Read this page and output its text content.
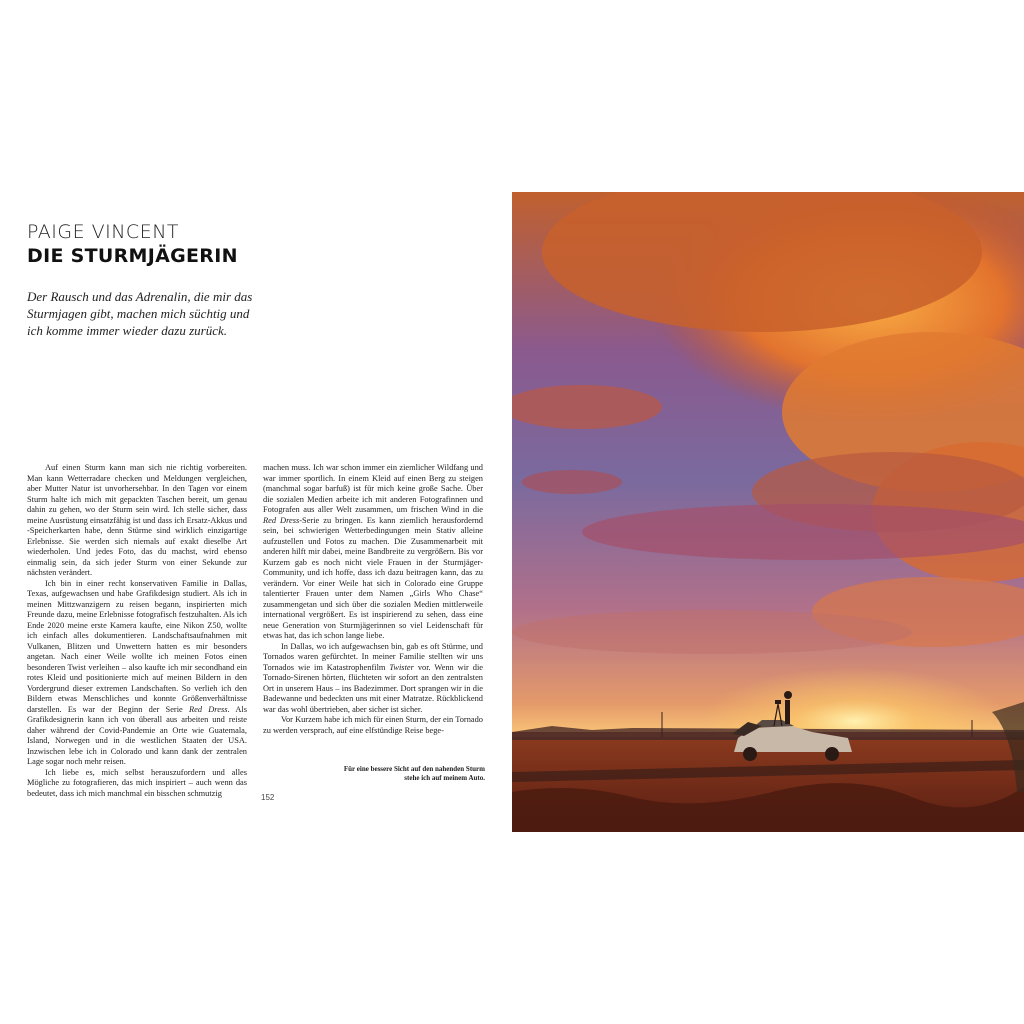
PAIGE VINCENT
DIE STURMJÄGERIN
Der Rausch und das Adrenalin, die mir das Sturmjagen gibt, machen mich süchtig und ich komme immer wieder dazu zurück.

Auf einen Sturm kann man sich nie richtig vorbereiten. Man kann Wetterradare checken und Meldungen vergleichen, aber Mutter Natur ist unvorhersehbar. In den Tagen vor einem Sturm halte ich mich mit gepackten Taschen bereit, um genau dahin zu gehen, wo der Sturm sein wird. Ich stelle sicher, dass meine Ausrüstung einsatzfähig ist und dass ich Ersatz-Akkus und -Speicherkarten habe, denn Stürme sind wirklich einzigartige Erlebnisse. Sie werden sich niemals auf exakt dieselbe Art wiederholen. Und jedes Foto, das du machst, wird ebenso einmalig sein, da sich jeder Sturm von einer Sekunde zur nächsten verändert.

Ich bin in einer recht konservativen Familie in Dallas, Texas, aufgewachsen und habe Grafikdesign studiert. Als ich in meinen Mittzwanzigern zu reisen begann, inspirierten mich Freunde dazu, meine Erlebnisse fotografisch festzuhalten. Als ich Ende 2020 meine erste Kamera kaufte, eine Nikon Z50, wollte ich einfach alles dokumentieren. Landschaftsaufnahmen mit Vulkanen, Blitzen und Unwettern hatten es mir besonders angetan. Nach einer Weile wollte ich meinen Fotos einen besonderen Twist verleihen – also kaufte ich mir secondhand ein rotes Kleid und positionierte mich auf meinen Bildern in den Vordergrund dieser extremen Landschaften. So verlieh ich den Bildern etwas Menschliches und konnte Größenverhältnisse darstellen. Es war der Beginn der Serie Red Dress. Als Grafikdesignerin kann ich von überall aus arbeiten und reiste daher während der Covid-Pandemie an Orte wie Guatemala, Island, Norwegen und in die westlichen Staaten der USA. Inzwischen lebe ich in Colorado und kann dank der zentralen Lage sogar noch mehr reisen.

Ich liebe es, mich selbst herauszufordern und alles Mögliche zu fotografieren, das mich inspiriert – auch wenn das bedeutet, dass ich mich manchmal ein bisschen schmutzig

machen muss. Ich war schon immer ein ziemlicher Wildfang und war immer sportlich. In einem Kleid auf einen Berg zu steigen (manchmal sogar barfuß) ist für mich keine große Sache. Über die sozialen Medien arbeite ich mit anderen Fotografinnen und Fotografen aus aller Welt zusammen, um frischen Wind in die Red Dress-Serie zu bringen. Es kann ziemlich herausfordernd sein, bei schwierigen Wetterbedingungen mein Stativ alleine aufzustellen und Fotos zu machen. Die Zusammenarbeit mit anderen hilft mir dabei, meine Bandbreite zu vergrößern. Bis vor Kurzem gab es noch nicht viele Frauen in der Sturmjäger-Community, und ich hoffe, dass ich dazu beitragen kann, das zu verändern. Vor einer Weile hat sich in Colorado eine Gruppe talentierter Frauen unter dem Namen „Girls Who Chase“ zusammengetan und sich über die sozialen Medien mittlerweile international vergrößert. Es ist inspirierend zu sehen, dass eine neue Generation von Sturmjägerinnen so viel Leidenschaft für etwas hat, das ich schon lange liebe.

In Dallas, wo ich aufgewachsen bin, gab es oft Stürme, und Tornados waren gefürchtet. In meiner Familie stellten wir uns Tornados wie im Katastrophenfilm Twister vor. Wenn wir die Tornado-Sirenen hörten, flüchteten wir sofort an den zentralsten Ort in unserem Haus – ins Badezimmer. Dort sprangen wir in die Badewanne und bedeckten uns mit einer Matratze. Rückblickend war das wohl übertrieben, aber sicher ist sicher.

Vor Kurzem habe ich mich für einen Sturm, der ein Tornado zu werden versprach, auf eine elfstündige Reise bege-

Für eine bessere Sicht auf den nahenden Sturm
stehe ich auf meinem Auto.
152
